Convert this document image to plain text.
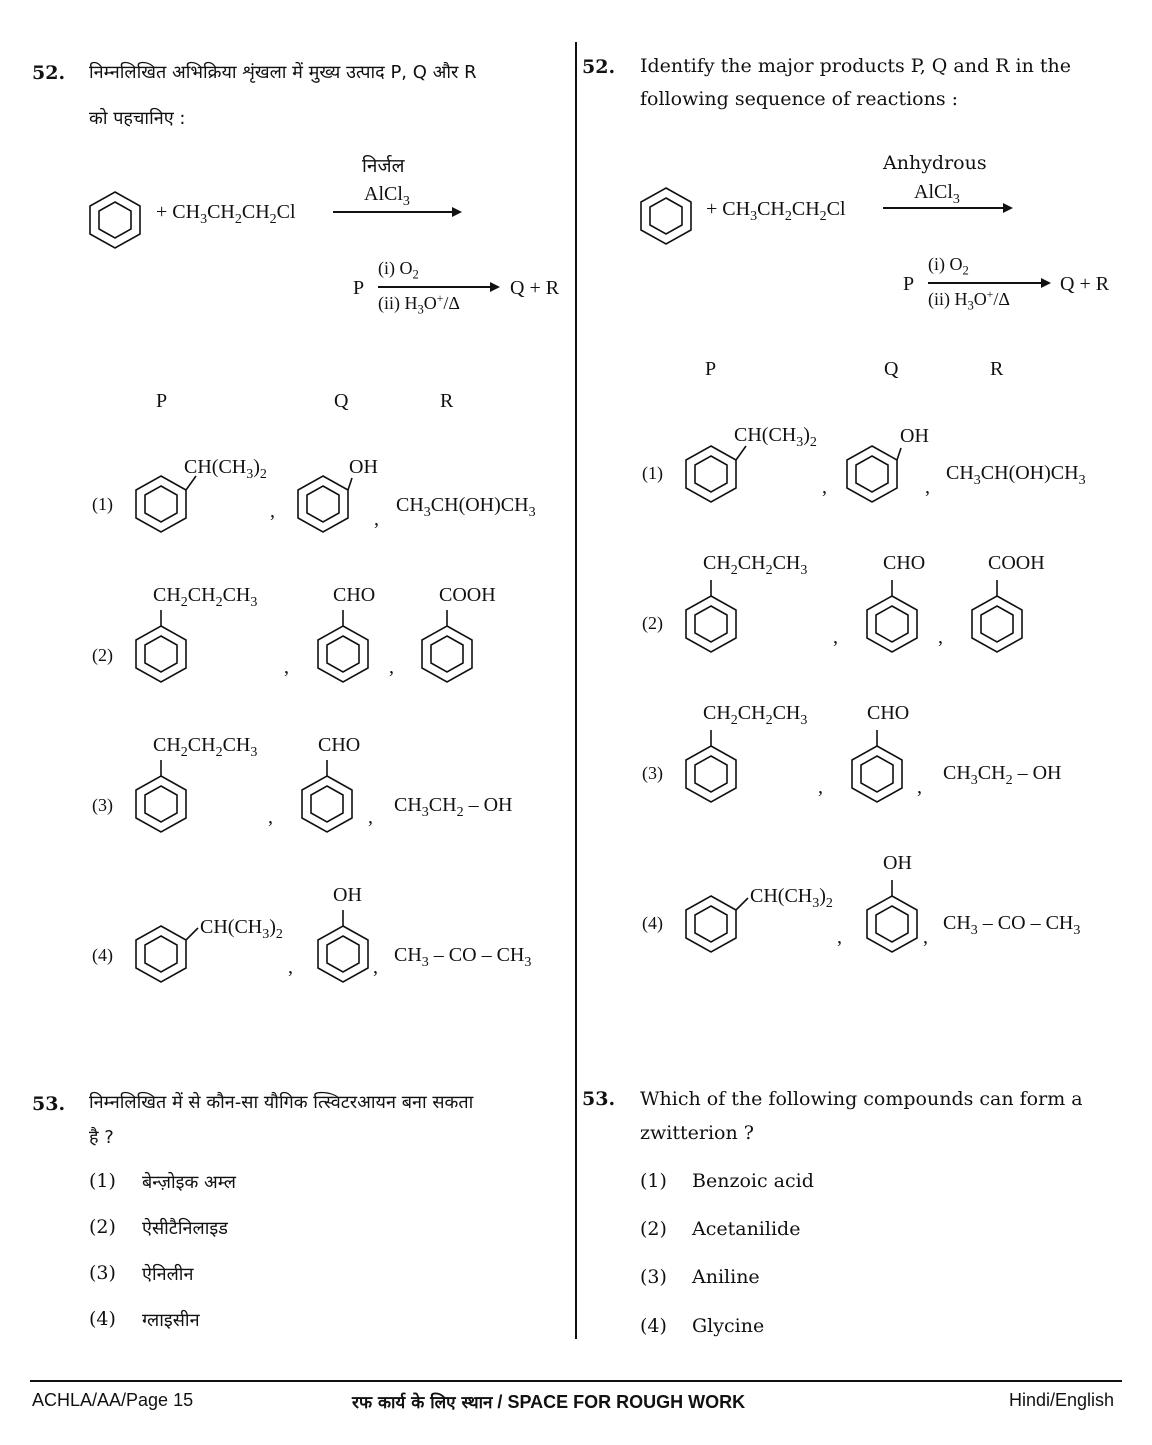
52. निम्नलिखित अभिक्रिया शृंखला में मुख्य उत्पाद P, Q और R
को पहचानिए :
+ $CH_3CH_2CH_2Cl$
निर्जल
AlCl$_3$
P
(i) $O_2$
(ii) $H_3O^+/\Delta$
Q + R
P	Q	R
(1)
$CH(CH_3)_2$
,
OH
,
$CH_3CH(OH)CH_3$
(2)
$CH_2CH_2CH_3$
,
CHO
,
COOH
(3)
$CH_2CH_2CH_3$
,
CHO
,
$CH_3CH_2$ – OH
(4)
$CH(CH_3)_2$
,
OH
,
$CH_3$ – CO – $CH_3$
53. निम्नलिखित में से कौन-सा यौगिक त्स्विटरआयन बना सकता
है ?
(1) बेन्ज़ोइक अम्ल
(2) ऐसीटैनिलाइड
(3) ऐनिलीन
(4) ग्लाइसीन
52. Identify the major products P, Q and R in the
following sequence of reactions :
+ $CH_3CH_2CH_2Cl$
Anhydrous
AlCl$_3$
P
(i) $O_2$
(ii) $H_3O^+/\Delta$
Q + R
P	Q	R
(1)
$CH(CH_3)_2$
,
OH
,
$CH_3CH(OH)CH_3$
(2)
$CH_2CH_2CH_3$
,
CHO
,
COOH
(3)
$CH_2CH_2CH_3$
,
CHO
,
$CH_3CH_2$ – OH
(4)
$CH(CH_3)_2$
,
OH
,
$CH_3$ – CO – $CH_3$
53. Which of the following compounds can form a
zwitterion ?
(1) Benzoic acid
(2) Acetanilide
(3) Aniline
(4) Glycine
ACHLA/AA/Page 15	रफ कार्य के लिए स्थान / SPACE FOR ROUGH WORK	Hindi/English
